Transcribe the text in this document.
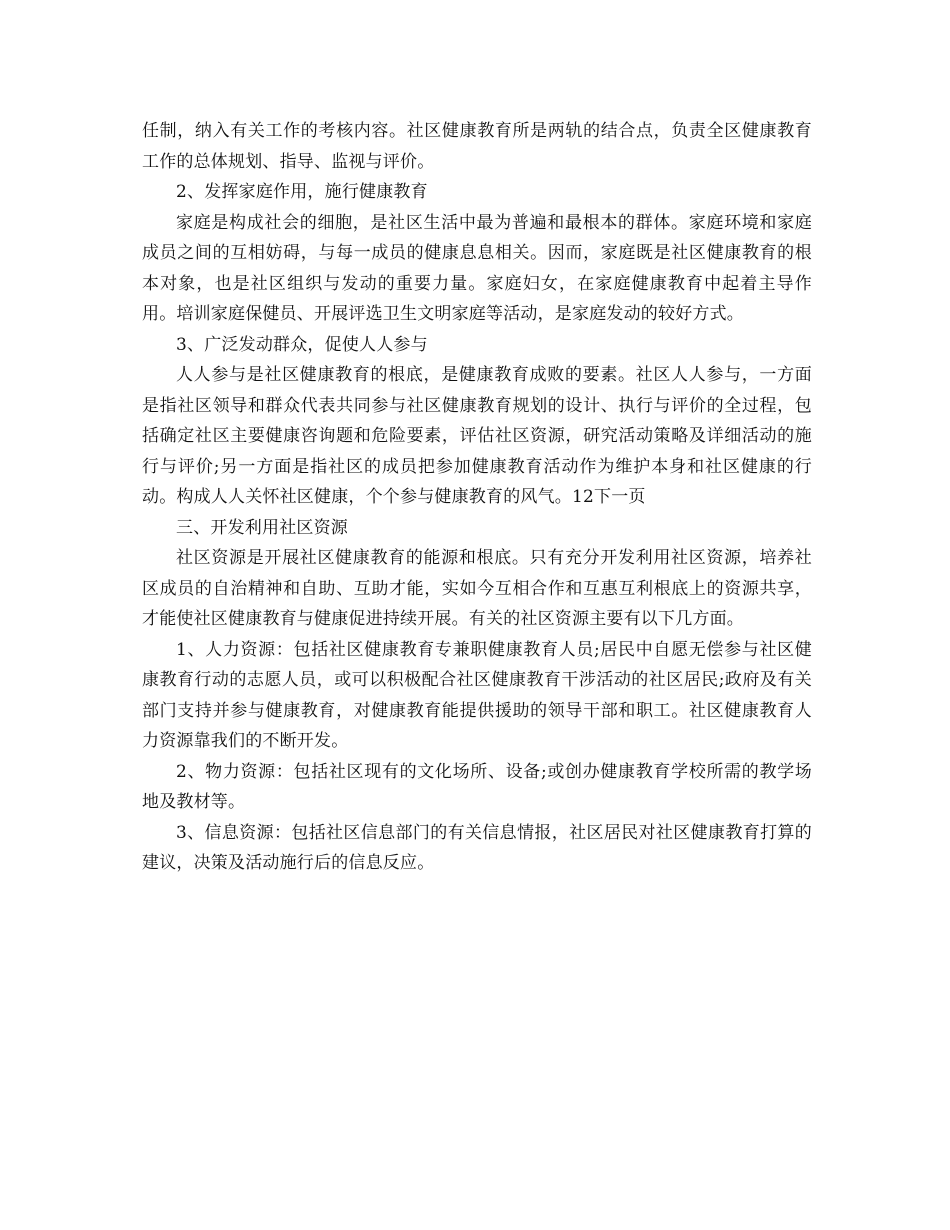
任制，纳入有关工作的考核内容。社区健康教育所是两轨的结合点，负责全区健康教育工作的总体规划、指导、监视与评价。

2、发挥家庭作用，施行健康教育

家庭是构成社会的细胞，是社区生活中最为普遍和最根本的群体。家庭环境和家庭成员之间的互相妨碍，与每一成员的健康息息相关。因而，家庭既是社区健康教育的根本对象，也是社区组织与发动的重要力量。家庭妇女，在家庭健康教育中起着主导作用。培训家庭保健员、开展评选卫生文明家庭等活动，是家庭发动的较好方式。

3、广泛发动群众，促使人人参与

人人参与是社区健康教育的根底，是健康教育成败的要素。社区人人参与，一方面是指社区领导和群众代表共同参与社区健康教育规划的设计、执行与评价的全过程，包括确定社区主要健康咨询题和危险要素，评估社区资源，研究活动策略及详细活动的施行与评价;另一方面是指社区的成员把参加健康教育活动作为维护本身和社区健康的行动。构成人人关怀社区健康，个个参与健康教育的风气。12下一页

三、开发利用社区资源

社区资源是开展社区健康教育的能源和根底。只有充分开发利用社区资源，培养社区成员的自治精神和自助、互助才能，实如今互相合作和互惠互利根底上的资源共享，才能使社区健康教育与健康促进持续开展。有关的社区资源主要有以下几方面。

1、人力资源：包括社区健康教育专兼职健康教育人员;居民中自愿无偿参与社区健康教育行动的志愿人员，或可以积极配合社区健康教育干涉活动的社区居民;政府及有关部门支持并参与健康教育，对健康教育能提供援助的领导干部和职工。社区健康教育人力资源靠我们的不断开发。

2、物力资源：包括社区现有的文化场所、设备;或创办健康教育学校所需的教学场地及教材等。

3、信息资源：包括社区信息部门的有关信息情报，社区居民对社区健康教育打算的建议，决策及活动施行后的信息反应。
